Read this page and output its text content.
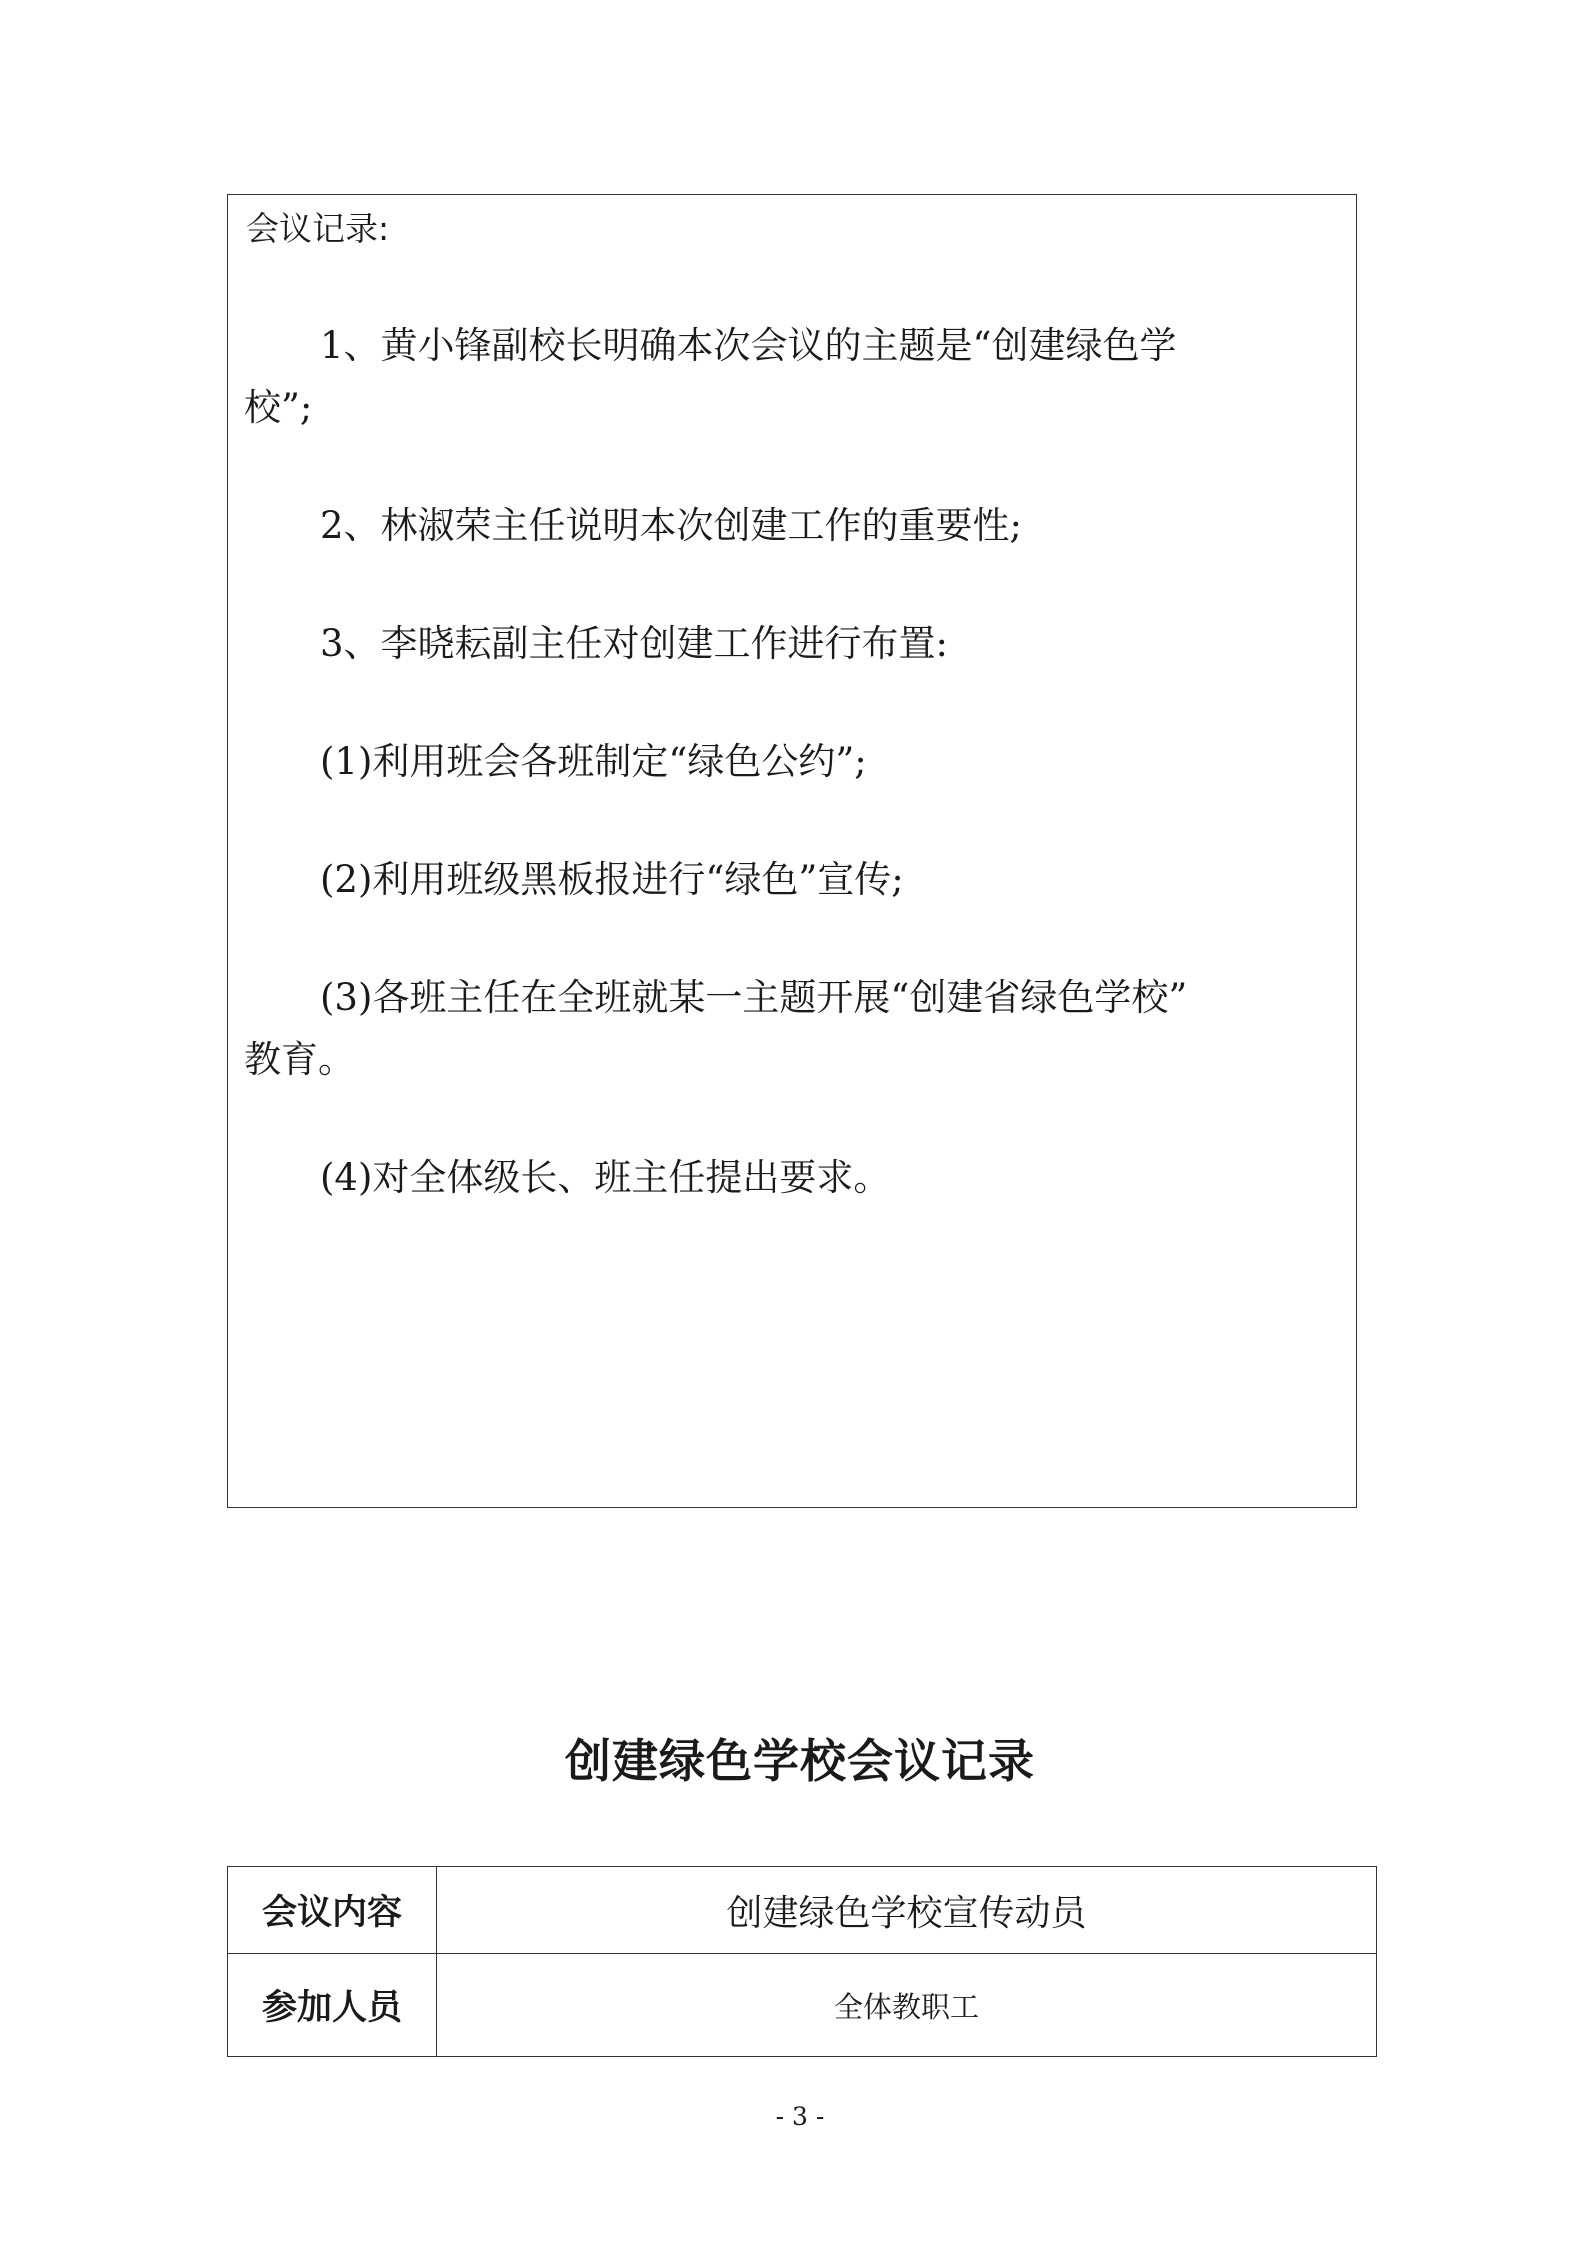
会议记录:
1、黄小锋副校长明确本次会议的主题是“创建绿色学
校”;
2、林淑荣主任说明本次创建工作的重要性;
3、李晓耘副主任对创建工作进行布置:
(1)利用班会各班制定“绿色公约”;
(2)利用班级黑板报进行“绿色”宣传;
(3)各班主任在全班就某一主题开展“创建省绿色学校”
教育。
(4)对全体级长、班主任提出要求。
创建绿色学校会议记录
会议内容	创建绿色学校宣传动员
参加人员	全体教职工
- 3 -
